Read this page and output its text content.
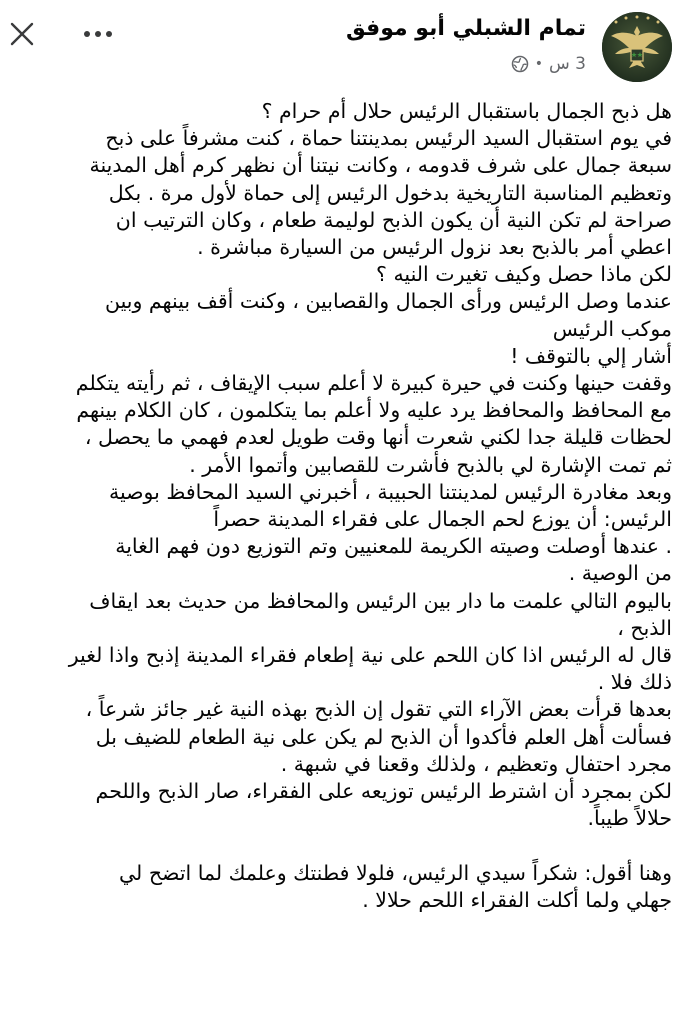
تمام الشبلي أبو موفق
3 س
•

هل ذبح الجمال باستقبال الرئيس حلال أم حرام ؟

في يوم استقبال السيد الرئيس بمدينتنا حماة ، كنت مشرفاً على ذبح

سبعة جمال على شرف قدومه ، وكانت نيتنا أن نظهر كرم أهل المدينة

وتعظيم المناسبة التاريخية بدخول الرئيس إلى حماة لأول مرة . بكل

صراحة لم تكن النية أن يكون الذبح لوليمة طعام ، وكان الترتيب ان

اعطي أمر بالذبح بعد نزول الرئيس من السيارة مباشرة .

لكن ماذا حصل وكيف تغيرت النيه ؟

عندما وصل الرئيس ورأى الجمال والقصابين ، وكنت أقف بينهم وبين

موكب الرئيس

أشار إلي بالتوقف !

وقفت حينها وكنت في حيرة كبيرة لا أعلم سبب الإيقاف ، ثم رأيته يتكلم

مع المحافظ والمحافظ يرد عليه ولا أعلم بما يتكلمون ، كان الكلام بينهم

لحظات قليلة جدا لكني شعرت أنها وقت طويل لعدم فهمي ما يحصل ،

ثم تمت الإشارة لي بالذبح فأشرت للقصابين وأتموا الأمر .

وبعد مغادرة الرئيس لمدينتنا الحبيبة ، أخبرني السيد المحافظ بوصية

الرئيس: أن يوزع لحم الجمال على فقراء المدينة حصراً

. عندها أوصلت وصيته الكريمة للمعنيين وتم التوزيع دون فهم الغاية

من الوصية .

باليوم التالي علمت ما دار بين الرئيس والمحافظ من حديث بعد ايقاف

الذبح ،

قال له الرئيس اذا كان اللحم على نية إطعام فقراء المدينة إذبح واذا لغير

ذلك فلا .

بعدها قرأت بعض الآراء التي تقول إن الذبح بهذه النية غير جائز شرعاً ،

فسألت أهل العلم فأكدوا أن الذبح لم يكن على نية الطعام للضيف بل

مجرد احتفال وتعظيم ، ولذلك وقعنا في شبهة .

لكن بمجرد أن اشترط الرئيس توزيعه على الفقراء، صار الذبح واللحم

حلالاً طيباً.

وهنا أقول: شكراً سيدي الرئيس، فلولا فطنتك وعلمك لما اتضح لي

جهلي ولما أكلت الفقراء اللحم حلالا .
